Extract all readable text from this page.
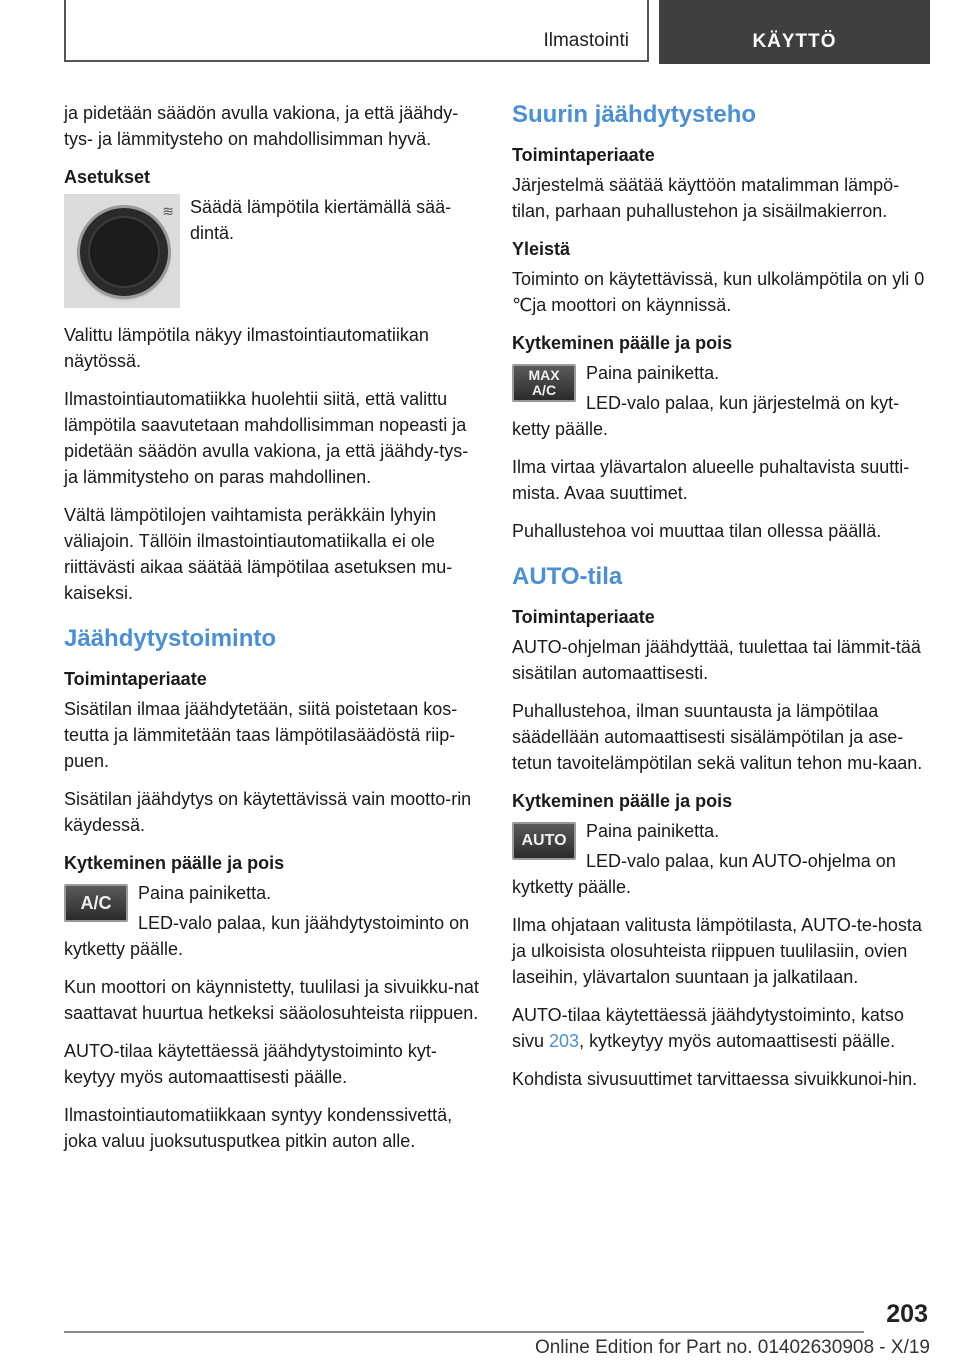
Ilmastointi	KÄYTTÖ

ja pidetään säädön avulla vakiona, ja että jäähdy-tys- ja lämmitysteho on mahdollisimman hyvä.

Asetukset
≋ Säädä lämpötila kiertämällä sää-dintä.

Valittu lämpötila näkyy ilmastointiautomatiikan näytössä.

Ilmastointiautomatiikka huolehtii siitä, että valittu lämpötila saavutetaan mahdollisimman nopeasti ja pidetään säädön avulla vakiona, ja että jäähdy-tys- ja lämmitysteho on paras mahdollinen.

Vältä lämpötilojen vaihtamista peräkkäin lyhyin väliajoin. Tällöin ilmastointiautomatiikalla ei ole riittävästi aikaa säätää lämpötilaa asetuksen mu-kaiseksi.

Jäähdytystoiminto
Toimintaperiaate

Sisätilan ilmaa jäähdytetään, siitä poistetaan kos-teutta ja lämmitetään taas lämpötilasäädöstä riip-puen.

Sisätilan jäähdytys on käytettävissä vain mootto-rin käydessä.

Kytkeminen päälle ja pois
A/C	Paina painiketta.

LED-valo palaa, kun jäähdytystoiminto on kytketty päälle.

Kun moottori on käynnistetty, tuulilasi ja sivuikku-nat saattavat huurtua hetkeksi sääolosuhteista riippuen.

AUTO-tilaa käytettäessä jäähdytystoiminto kyt-keytyy myös automaattisesti päälle.

Ilmastointiautomatiikkaan syntyy kondenssivettä, joka valuu juoksutusputkea pitkin auton alle.

Suurin jäähdytysteho
Toimintaperiaate

Järjestelmä säätää käyttöön matalimman lämpö-tilan, parhaan puhallustehon ja sisäilmakierron.

Yleistä

Toiminto on käytettävissä, kun ulkolämpötila on yli 0 ℃ja moottori on käynnissä.

Kytkeminen päälle ja pois
MAX
A/C

Paina painiketta.

LED-valo palaa, kun järjestelmä on kyt-ketty päälle.

Ilma virtaa ylävartalon alueelle puhaltavista suutti-mista. Avaa suuttimet.

Puhallustehoa voi muuttaa tilan ollessa päällä.

AUTO-tila
Toimintaperiaate

AUTO-ohjelman jäähdyttää, tuulettaa tai lämmit-tää sisätilan automaattisesti.

Puhallustehoa, ilman suuntausta ja lämpötilaa säädellään automaattisesti sisälämpötilan ja ase-tetun tavoitelämpötilan sekä valitun tehon mu-kaan.

Kytkeminen päälle ja pois
AUTO	Paina painiketta.

LED-valo palaa, kun AUTO-ohjelma on kytketty päälle.

Ilma ohjataan valitusta lämpötilasta, AUTO-te-hosta ja ulkoisista olosuhteista riippuen tuulilasiin, ovien laseihin, ylävartalon suuntaan ja jalkatilaan.

AUTO-tilaa käytettäessä jäähdytystoiminto, katso sivu 203, kytkeytyy myös automaattisesti päälle.

Kohdista sivusuuttimet tarvittaessa sivuikkunoi-hin.

203
Online Edition for Part no. 01402630908 - X/19
